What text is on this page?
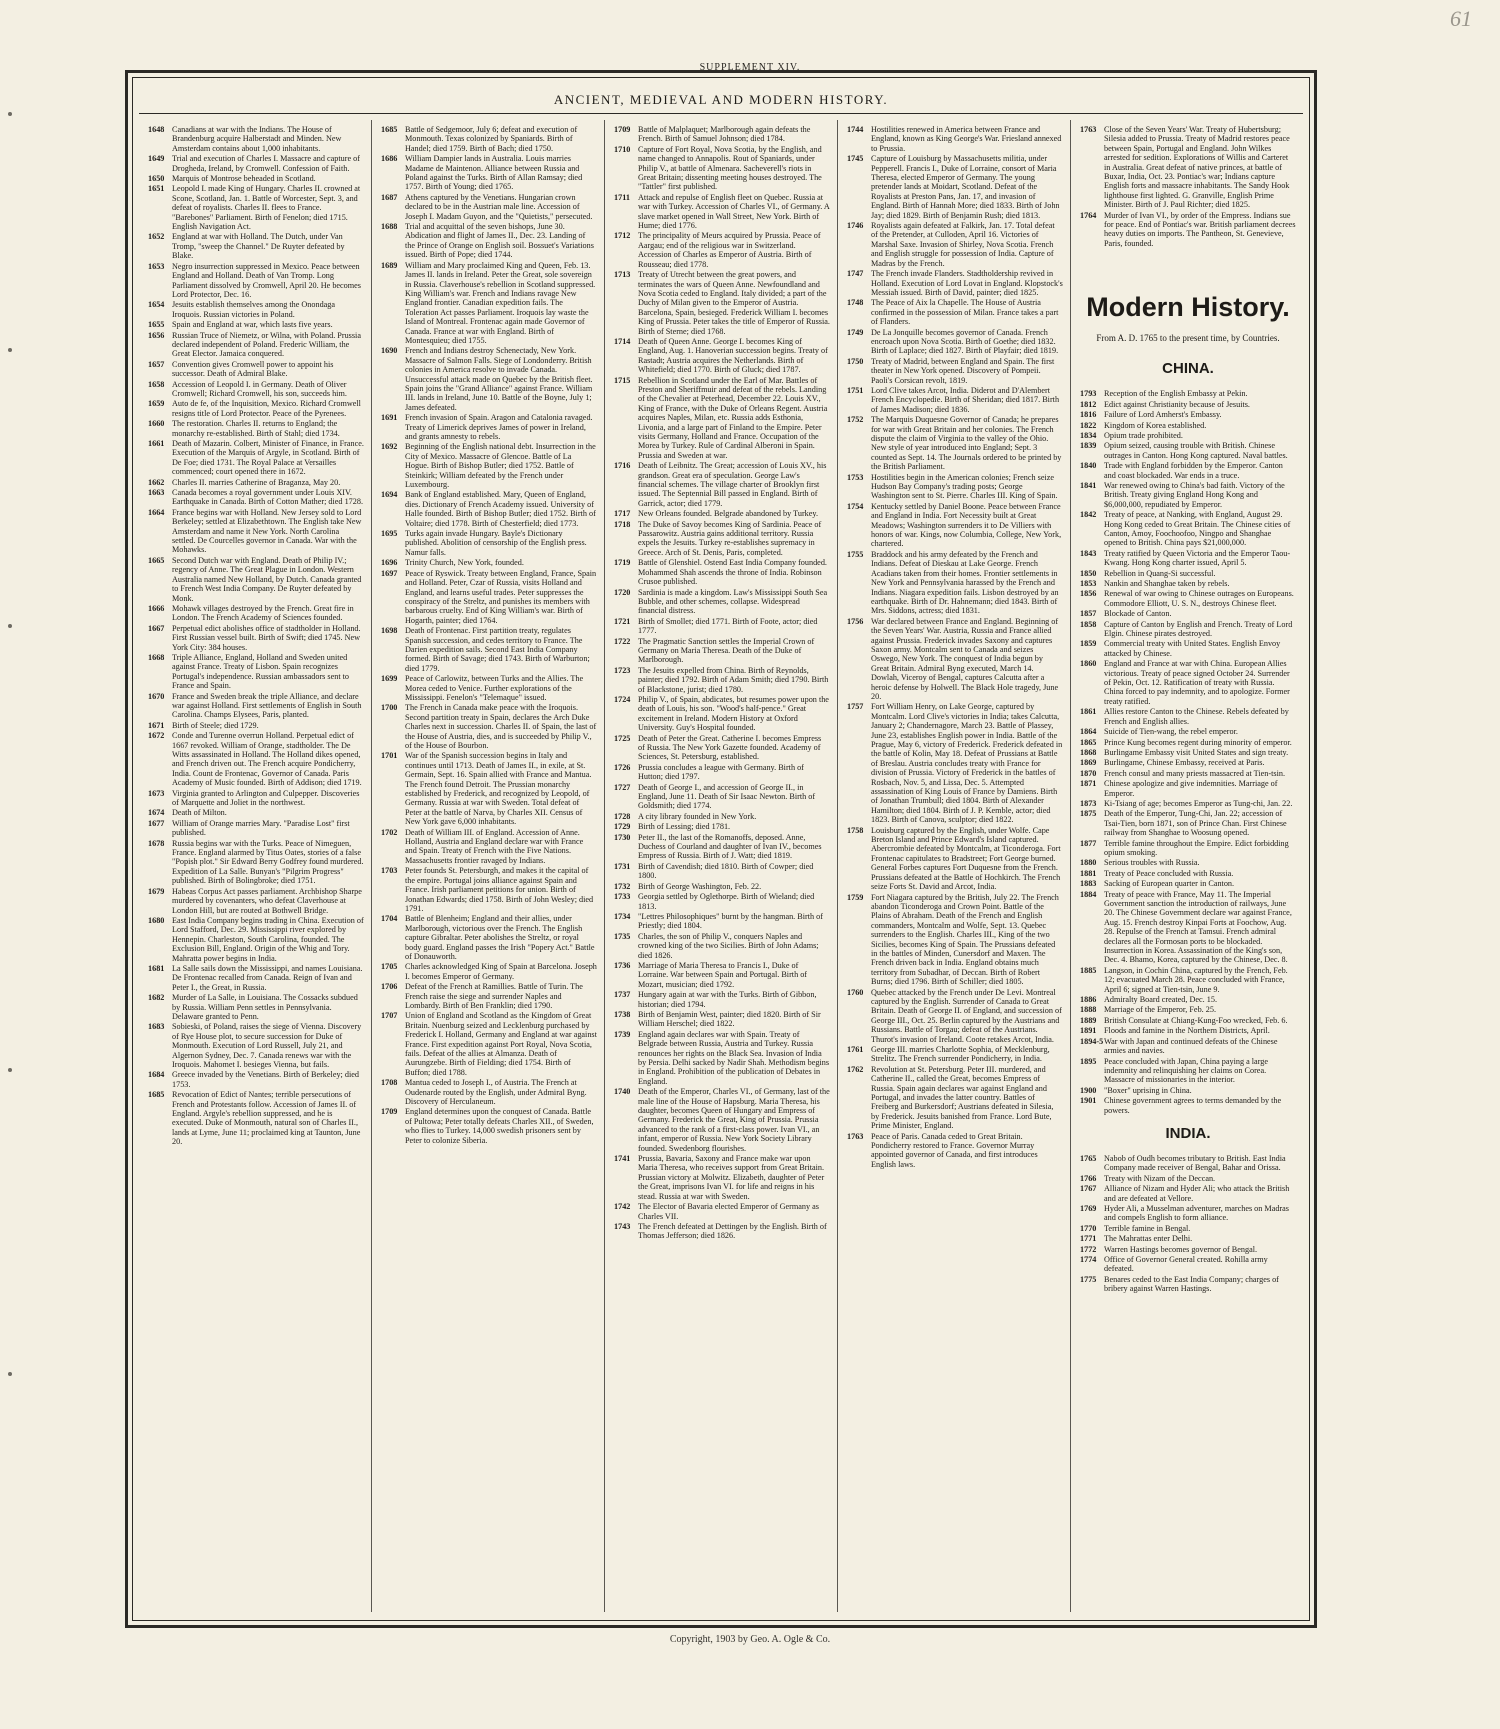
61
SUPPLEMENT XIV.
ANCIENT, MEDIEVAL AND MODERN HISTORY.
1648 Canadians at war with the Indians. The House of Brandenburg acquire Halberstadt and Minden. New Amsterdam contains about 1,000 inhabitants.
1649 Trial and execution of Charles I. Massacre and capture of Drogheda, Ireland, by Cromwell. Confession of Faith.
1650 Marquis of Montrose beheaded in Scotland.
1651 Leopold I. made King of Hungary. Charles II. crowned at Scone, Scotland, Jan. 1. Battle of Worcester, Sept. 3, and defeat of royalists. Charles II. flees to France. "Barebones" Parliament. Birth of Fenelon; died 1715. English Navigation Act.
1652 England at war with Holland. The Dutch, under Van Tromp, "sweep the Channel." De Ruyter defeated by Blake.
1653 Negro insurrection suppressed in Mexico. Peace between England and Holland. Death of Van Tromp. Long Parliament dissolved by Cromwell, April 20. He becomes Lord Protector, Dec. 16.
1654 Jesuits establish themselves among the Onondaga Iroquois. Russian victories in Poland.
1655 Spain and England at war, which lasts five years.
1656 Russian Truce of Niemetz, or Wilna, with Poland. Prussia declared independent of Poland. Frederic William, the Great Elector. Jamaica conquered.
1657 Convention gives Cromwell power to appoint his successor. Death of Admiral Blake.
1658 Accession of Leopold I. in Germany. Death of Oliver Cromwell; Richard Cromwell, his son, succeeds him.
1659 Auto de fe, of the Inquisition, Mexico. Richard Cromwell resigns title of Lord Protector. Peace of the Pyrenees.
1660 The restoration. Charles II. returns to England; the monarchy re-established. Birth of Stahl; died 1734.
1661 Death of Mazarin. Colbert, Minister of Finance, in France. Execution of the Marquis of Argyle, in Scotland. Birth of De Foe; died 1731. The Royal Palace at Versailles commenced; court opened there in 1672.
1662 Charles II. marries Catherine of Braganza, May 20.
1663 Canada becomes a royal government under Louis XIV. Earthquake in Canada. Birth of Cotton Mather; died 1728.
1664 France begins war with Holland. New Jersey sold to Lord Berkeley; settled at Elizabethtown. The English take New Amsterdam and name it New York. North Carolina settled. De Courcelles governor in Canada. War with the Mohawks.
1665 Second Dutch war with England. Death of Philip IV.; regency of Anne. The Great Plague in London. Western Australia named New Holland, by Dutch. Canada granted to French West India Company. De Ruyter defeated by Monk.
1666 Mohawk villages destroyed by the French. Great fire in London. The French Academy of Sciences founded.
1667 Perpetual edict abolishes office of stadtholder in Holland. First Russian vessel built. Birth of Swift; died 1745. New York City: 384 houses.
1668 Triple Alliance, England, Holland and Sweden united against France. Treaty of Lisbon. Spain recognizes Portugal's independence. Russian ambassadors sent to France and Spain.
1670 France and Sweden break the triple Alliance, and declare war against Holland. First settlements of English in South Carolina. Champs Elysees, Paris, planted.
1671 Birth of Steele; died 1729.
1672 Conde and Turenne overrun Holland. Perpetual edict of 1667 revoked. William of Orange, stadtholder. The De Witts assassinated in Holland. The Holland dikes opened, and French driven out. The French acquire Pondicherry, India. Count de Frontenac, Governor of Canada. Paris Academy of Music founded. Birth of Addison; died 1719.
1673 Virginia granted to Arlington and Culpepper. Discoveries of Marquette and Joliet in the northwest.
1674 Death of Milton.
1677 William of Orange marries Mary. "Paradise Lost" first published.
1678 Russia begins war with the Turks. Peace of Nimeguen, France. England alarmed by Titus Oates, stories of a false "Popish plot." Sir Edward Berry Godfrey found murdered. Expedition of La Salle. Bunyan's "Pilgrim Progress" published. Birth of Bolingbroke; died 1751.
1679 Habeas Corpus Act passes parliament. Archbishop Sharpe murdered by covenanters, who defeat Claverhouse at London Hill, but are routed at Bothwell Bridge.
1680 East India Company begins trading in China. Execution of Lord Stafford, Dec. 29. Mississippi river explored by Hennepin. Charleston, South Carolina, founded. The Exclusion Bill, England. Origin of the Whig and Tory. Mahratta power begins in India.
1681 La Salle sails down the Mississippi, and names Louisiana. De Frontenac recalled from Canada. Reign of Ivan and Peter I., the Great, in Russia.
1682 Murder of La Salle, in Louisiana. The Cossacks subdued by Russia. William Penn settles in Pennsylvania. Delaware granted to Penn.
1683 Sobieski, of Poland, raises the siege of Vienna. Discovery of Rye House plot, to secure succession for Duke of Monmouth. Execution of Lord Russell, July 21, and Algernon Sydney, Dec. 7. Canada renews war with the Iroquois. Mahomet I. besieges Vienna, but fails.
1684 Greece invaded by the Venetians. Birth of Berkeley; died 1753.
1685 Revocation of Edict of Nantes; terrible persecutions of French and Protestants follow. Accession of James II. of England. Argyle's rebellion suppressed, and he is executed. Duke of Monmouth, natural son of Charles II., lands at Lyme, June 11; proclaimed king at Taunton, June 20.
1685 Battle of Sedgemoor, July 6; defeat and execution of Monmouth. Texas colonized by Spaniards. Birth of Handel; died 1759. Birth of Bach; died 1750.
1686 William Dampier lands in Australia. Louis marries Madame de Maintenon. Alliance between Russia and Poland against the Turks. Birth of Allan Ramsay; died 1757. Birth of Young; died 1765.
1687 Athens captured by the Venetians. Hungarian crown declared to be in the Austrian male line. Accession of Joseph I. Madam Guyon, and the "Quietists," persecuted.
1688 Trial and acquittal of the seven bishops, June 30. Abdication and flight of James II., Dec. 23. Landing of the Prince of Orange on English soil. Bossuet's Variations issued. Birth of Pope; died 1744.
1689 William and Mary proclaimed King and Queen, Feb. 13. James II. lands in Ireland. Peter the Great, sole sovereign in Russia. Claverhouse's rebellion in Scotland suppressed. King William's war. French and Indians ravage New England frontier. Canadian expedition fails. The Toleration Act passes Parliament. Iroquois lay waste the Island of Montreal. Frontenac again made Governor of Canada. France at war with England. Birth of Montesquieu; died 1755.
1690 French and Indians destroy Schenectady, New York. Massacre of Salmon Falls. Siege of Londonderry. British colonies in America resolve to invade Canada. Unsuccessful attack made on Quebec by the British fleet. Spain joins the "Grand Alliance" against France. William III. lands in Ireland, June 10. Battle of the Boyne, July 1; James defeated.
1691 French invasion of Spain. Aragon and Catalonia ravaged. Treaty of Limerick deprives James of power in Ireland, and grants amnesty to rebels.
1692 Beginning of the English national debt. Insurrection in the City of Mexico. Massacre of Glencoe. Battle of La Hogue. Birth of Bishop Butler; died 1752. Battle of Steinkirk; William defeated by the French under Luxembourg.
1694 Bank of England established. Mary, Queen of England, dies. Dictionary of French Academy issued. University of Halle founded. Birth of Bishop Butler; died 1752. Birth of Voltaire; died 1778. Birth of Chesterfield; died 1773.
1695 Turks again invade Hungary. Bayle's Dictionary published. Abolition of censorship of the English press. Namur falls.
1696 Trinity Church, New York, founded.
1697 Peace of Ryswick. Treaty between England, France, Spain and Holland. Peter, Czar of Russia, visits Holland and England, and learns useful trades. Peter suppresses the conspiracy of the Streltz, and punishes its members with barbarous cruelty. End of King William's war. Birth of Hogarth, painter; died 1764.
1698 Death of Frontenac. First partition treaty, regulates Spanish succession, and cedes territory to France. The Darien expedition sails. Second East India Company formed. Birth of Savage; died 1743. Birth of Warburton; died 1779.
1699 Peace of Carlowitz, between Turks and the Allies. The Morea ceded to Venice. Further explorations of the Mississippi. Fenelon's "Telemaque" issued.
1700 The French in Canada make peace with the Iroquois. Second partition treaty in Spain, declares the Arch Duke Charles next in succession. Charles II. of Spain, the last of the House of Austria, dies, and is succeeded by Philip V., of the House of Bourbon.
1701 War of the Spanish succession begins in Italy and continues until 1713. Death of James II., in exile, at St. Germain, Sept. 16. Spain allied with France and Mantua. The French found Detroit. The Prussian monarchy established by Frederick, and recognized by Leopold, of Germany. Russia at war with Sweden. Total defeat of Peter at the battle of Narva, by Charles XII. Census of New York gave 6,000 inhabitants.
1702 Death of William III. of England. Accession of Anne. Holland, Austria and England declare war with France and Spain. Treaty of French with the Five Nations. Massachusetts frontier ravaged by Indians.
1703 Peter founds St. Petersburgh, and makes it the capital of the empire. Portugal joins alliance against Spain and France. Irish parliament petitions for union. Birth of Jonathan Edwards; died 1758. Birth of John Wesley; died 1791.
1704 Battle of Blenheim; England and their allies, under Marlborough, victorious over the French. The English capture Gibraltar. Peter abolishes the Streltz, or royal body guard. England passes the Irish "Popery Act." Battle of Donauworth.
1705 Charles acknowledged King of Spain at Barcelona. Joseph I. becomes Emperor of Germany.
1706 Defeat of the French at Ramillies. Battle of Turin. The French raise the siege and surrender Naples and Lombardy. Birth of Ben Franklin; died 1790.
1707 Union of England and Scotland as the Kingdom of Great Britain. Nuenburg seized and Lecklenburg purchased by Frederick I. Holland, Germany and England at war against France. First expedition against Port Royal, Nova Scotia, fails. Defeat of the allies at Almanza. Death of Aurungzebe. Birth of Fielding; died 1754. Birth of Buffon; died 1788.
1708 Mantua ceded to Joseph I., of Austria. The French at Oudenarde routed by the English, under Admiral Byng. Discovery of Herculaneum.
1709 England determines upon the conquest of Canada. Battle of Pultowa; Peter totally defeats Charles XII., of Sweden, who flies to Turkey. 14,000 swedish prisoners sent by Peter to colonize Siberia.
1709 Battle of Malplaquet; Marlborough again defeats the French. Birth of Samuel Johnson; died 1784.
1710 Capture of Fort Royal, Nova Scotia, by the English, and name changed to Annapolis. Rout of Spaniards, under Philip V., at battle of Almenara. Sacheverell's riots in Great Britain; dissenting meeting houses destroyed. The "Tattler" first published.
1711 Attack and repulse of English fleet on Quebec. Russia at war with Turkey. Accession of Charles VI., of Germany. A slave market opened in Wall Street, New York. Birth of Hume; died 1776.
1712 The principality of Meurs acquired by Prussia. Peace of Aargau; end of the religious war in Switzerland. Accession of Charles as Emperor of Austria. Birth of Rousseau; died 1778.
1713 Treaty of Utrecht between the great powers, and terminates the wars of Queen Anne. Newfoundland and Nova Scotia ceded to England. Italy divided; a part of the Duchy of Milan given to the Emperor of Austria. Barcelona, Spain, besieged. Frederick William I. becomes King of Prussia. Peter takes the title of Emperor of Russia. Birth of Sterne; died 1768.
1714 Death of Queen Anne. George I. becomes King of England, Aug. 1. Hanoverian succession begins. Treaty of Rastadt; Austria acquires the Netherlands. Birth of Whitefield; died 1770. Birth of Gluck; died 1787.
1715 Rebellion in Scotland under the Earl of Mar. Battles of Preston and Sheriffmuir and defeat of the rebels. Landing of the Chevalier at Peterhead, December 22. Louis XV., King of France, with the Duke of Orleans Regent. Austria acquires Naples, Milan, etc. Russia adds Esthonia, Livonia, and a large part of Finland to the Empire. Peter visits Germany, Holland and France. Occupation of the Morea by Turkey. Rule of Cardinal Alberoni in Spain. Prussia and Sweden at war.
1716 Death of Leibnitz. The Great; accession of Louis XV., his grandson. Great era of speculation. George Law's financial schemes. The village charter of Brooklyn first issued. The Septennial Bill passed in England. Birth of Garrick, actor; died 1779.
1717 New Orleans founded. Belgrade abandoned by Turkey.
1718 The Duke of Savoy becomes King of Sardinia. Peace of Passarowitz. Austria gains additional territory. Russia expels the Jesuits. Turkey re-establishes supremacy in Greece. Arch of St. Denis, Paris, completed.
1719 Battle of Glenshiel. Ostend East India Company founded. Mohammed Shah ascends the throne of India. Robinson Crusoe published.
1720 Sardinia is made a kingdom. Law's Mississippi South Sea Bubble, and other schemes, collapse. Widespread financial distress.
1721 Birth of Smollet; died 1771. Birth of Foote, actor; died 1777.
1722 The Pragmatic Sanction settles the Imperial Crown of Germany on Maria Theresa. Death of the Duke of Marlborough.
1723 The Jesuits expelled from China. Birth of Reynolds, painter; died 1792. Birth of Adam Smith; died 1790. Birth of Blackstone, jurist; died 1780.
1724 Philip V., of Spain, abdicates, but resumes power upon the death of Louis, his son. "Wood's half-pence." Great excitement in Ireland. Modern History at Oxford University. Guy's Hospital founded.
1725 Death of Peter the Great. Catherine I. becomes Empress of Russia. The New York Gazette founded. Academy of Sciences, St. Petersburg, established.
1726 Prussia concludes a league with Germany. Birth of Hutton; died 1797.
1727 Death of George I., and accession of George II., in England, June 11. Death of Sir Isaac Newton. Birth of Goldsmith; died 1774.
1728 A city library founded in New York.
1729 Birth of Lessing; died 1781.
1730 Peter II., the last of the Romanoffs, deposed. Anne, Duchess of Courland and daughter of Ivan IV., becomes Empress of Russia. Birth of J. Watt; died 1819.
1731 Birth of Cavendish; died 1810. Birth of Cowper; died 1800.
1732 Birth of George Washington, Feb. 22.
1733 Georgia settled by Oglethorpe. Birth of Wieland; died 1813.
1734 "Lettres Philosophiques" burnt by the hangman. Birth of Priestly; died 1804.
1735 Charles, the son of Philip V., conquers Naples and crowned king of the two Sicilies. Birth of John Adams; died 1826.
1736 Marriage of Maria Theresa to Francis I., Duke of Lorraine. War between Spain and Portugal. Birth of Mozart, musician; died 1792.
1737 Hungary again at war with the Turks. Birth of Gibbon, historian; died 1794.
1738 Birth of Benjamin West, painter; died 1820. Birth of Sir William Herschel; died 1822.
1739 England again declares war with Spain. Treaty of Belgrade between Russia, Austria and Turkey. Russia renounces her rights on the Black Sea. Invasion of India by Persia. Delhi sacked by Nadir Shah. Methodism begins in England. Prohibition of the publication of Debates in England.
1740 Death of the Emperor, Charles VI., of Germany, last of the male line of the House of Hapsburg. Maria Theresa, his daughter, becomes Queen of Hungary and Empress of Germany. Frederick the Great, King of Prussia. Prussia advanced to the rank of a first-class power. Ivan VI., an infant, emperor of Russia. New York Society Library founded. Swedenborg flourishes.
1741 Prussia, Bavaria, Saxony and France make war upon Maria Theresa, who receives support from Great Britain. Prussian victory at Molwitz. Elizabeth, daughter of Peter the Great, imprisons Ivan VI. for life and reigns in his stead. Russia at war with Sweden.
1742 The Elector of Bavaria elected Emperor of Germany as Charles VII.
1743 The French defeated at Dettingen by the English. Birth of Thomas Jefferson; died 1826.
1744 Hostilities renewed in America between France and England, known as King George's War. Friesland annexed to Prussia.
1745 Capture of Louisburg by Massachusetts militia, under Pepperell. Francis I., Duke of Lorraine, consort of Maria Theresa, elected Emperor of Germany. The young pretender lands at Moidart, Scotland. Defeat of the Royalists at Preston Pans, Jan. 17, and invasion of England. Birth of Hannah More; died 1833. Birth of John Jay; died 1829. Birth of Benjamin Rush; died 1813.
1746 Royalists again defeated at Falkirk, Jan. 17. Total defeat of the Pretender, at Culloden, April 16. Victories of Marshal Saxe. Invasion of Shirley, Nova Scotia. French and English struggle for possession of India. Capture of Madras by the French.
1747 The French invade Flanders. Stadtholdership revived in Holland. Execution of Lord Lovat in England. Klopstock's Messiah issued. Birth of David, painter; died 1825.
1748 The Peace of Aix la Chapelle. The House of Austria confirmed in the possession of Milan. France takes a part of Flanders.
1749 De La Jonquille becomes governor of Canada. French encroach upon Nova Scotia. Birth of Goethe; died 1832. Birth of Laplace; died 1827. Birth of Playfair; died 1819.
1750 Treaty of Madrid, between England and Spain. The first theater in New York opened. Discovery of Pompeii. Paoli's Corsican revolt, 1819.
1751 Lord Clive takes Arcot, India. Diderot and D'Alembert French Encyclopedie. Birth of Sheridan; died 1817. Birth of James Madison; died 1836.
1752 The Marquis Duquesne Governor of Canada; he prepares for war with Great Britain and her colonies. The French dispute the claim of Virginia to the valley of the Ohio. New style of year introduced into England; Sept. 3 counted as Sept. 14. The Journals ordered to be printed by the British Parliament.
1753 Hostilities begin in the American colonies; French seize Hudson Bay Company's trading posts; George Washington sent to St. Pierre. Charles III. King of Spain.
1754 Kentucky settled by Daniel Boone. Peace between France and England in India. Fort Necessity built at Great Meadows; Washington surrenders it to De Villiers with honors of war. Kings, now Columbia, College, New York, chartered.
1755 Braddock and his army defeated by the French and Indians. Defeat of Dieskau at Lake George. French Acadians taken from their homes. Frontier settlements in New York and Pennsylvania harassed by the French and Indians. Niagara expedition fails. Lisbon destroyed by an earthquake. Birth of Dr. Hahnemann; died 1843. Birth of Mrs. Siddons, actress; died 1831.
1756 War declared between France and England. Beginning of the Seven Years' War. Austria, Russia and France allied against Prussia. Frederick invades Saxony and captures Saxon army. Montcalm sent to Canada and seizes Oswego, New York. The conquest of India begun by Great Britain. Admiral Byng executed, March 14. Dowlah, Viceroy of Bengal, captures Calcutta after a heroic defense by Holwell. The Black Hole tragedy, June 20.
1757 Fort William Henry, on Lake George, captured by Montcalm. Lord Clive's victories in India; takes Calcutta, January 2; Chandernagore, March 23. Battle of Plassey, June 23, establishes English power in India. Battle of the Prague, May 6, victory of Frederick. Frederick defeated in the battle of Kolin, May 18. Defeat of Prussians at Battle of Breslau. Austria concludes treaty with France for division of Prussia. Victory of Frederick in the battles of Rosbach, Nov. 5, and Lissa, Dec. 5. Attempted assassination of King Louis of France by Damiens. Birth of Jonathan Trumbull; died 1804. Birth of Alexander Hamilton; died 1804. Birth of J. P. Kemble, actor; died 1823. Birth of Canova, sculptor; died 1822.
1758 Louisburg captured by the English, under Wolfe. Cape Breton Island and Prince Edward's Island captured. Abercrombie defeated by Montcalm, at Ticonderoga. Fort Frontenac capitulates to Bradstreet; Fort George burned. General Forbes captures Fort Duquesne from the French. Prussians defeated at the Battle of Hochkirch. The French seize Forts St. David and Arcot, India.
1759 Fort Niagara captured by the British, July 22. The French abandon Ticonderoga and Crown Point. Battle of the Plains of Abraham. Death of the French and English commanders, Montcalm and Wolfe, Sept. 13. Quebec surrenders to the English. Charles III., King of the two Sicilies, becomes King of Spain. The Prussians defeated in the battles of Minden, Cunersdorf and Maxen. The French driven back in India. England obtains much territory from Subadhar, of Deccan. Birth of Robert Burns; died 1796. Birth of Schiller; died 1805.
1760 Quebec attacked by the French under De Levi. Montreal captured by the English. Surrender of Canada to Great Britain. Death of George II. of England, and succession of George III., Oct. 25. Berlin captured by the Austrians and Russians. Battle of Torgau; defeat of the Austrians. Thurot's invasion of Ireland. Coote retakes Arcot, India.
1761 George III. marries Charlotte Sophia, of Mecklenburg, Strelitz. The French surrender Pondicherry, in India.
1762 Revolution at St. Petersburg. Peter III. murdered, and Catherine II., called the Great, becomes Empress of Russia. Spain again declares war against England and Portugal, and invades the latter country. Battles of Freiberg and Burkersdorf; Austrians defeated in Silesia, by Frederick. Jesuits banished from France. Lord Bute, Prime Minister, England.
1763 Peace of Paris. Canada ceded to Great Britain. Pondicherry restored to France. Governor Murray appointed governor of Canada, and first introduces English laws.
1763 Close of the Seven Years' War. Treaty of Hubertsburg; Silesia added to Prussia. Treaty of Madrid restores peace between Spain, Portugal and England. John Wilkes arrested for sedition. Explorations of Willis and Carteret in Australia. Great defeat of native princes, at battle of Buxar, India, Oct. 23. Pontiac's war; Indians capture English forts and massacre inhabitants. The Sandy Hook lighthouse first lighted. G. Granville, English Prime Minister. Birth of J. Paul Richter; died 1825.
1764 Murder of Ivan VI., by order of the Empress. Indians sue for peace. End of Pontiac's war. British parliament decrees heavy duties on imports. The Pantheon, St. Genevieve, Paris, founded.
Modern History.
From A. D. 1765 to the present time, by Countries.
CHINA.
1793 Reception of the English Embassy at Pekin.
1812 Edict against Christianity because of Jesuits.
1816 Failure of Lord Amherst's Embassy.
1822 Kingdom of Korea established.
1834 Opium trade prohibited.
1839 Opium seized, causing trouble with British. Chinese outrages in Canton. Hong Kong captured. Naval battles.
1840 Trade with England forbidden by the Emperor. Canton and coast blockaded. War ends in a truce.
1841 War renewed owing to China's bad faith. Victory of the British. Treaty giving England Hong Kong and $6,000,000, repudiated by Emperor.
1842 Treaty of peace, at Nanking, with England, August 29. Hong Kong ceded to Great Britain. The Chinese cities of Canton, Amoy, Foochoofoo, Ningpo and Shanghae opened to British. China pays $21,000,000.
1843 Treaty ratified by Queen Victoria and the Emperor Taou-Kwang. Hong Kong charter issued, April 5.
1850 Rebellion in Quang-Si successful.
1853 Nankin and Shanghae taken by rebels.
1856 Renewal of war owing to Chinese outrages on Europeans. Commodore Elliott, U. S. N., destroys Chinese fleet.
1857 Blockade of Canton.
1858 Capture of Canton by English and French. Treaty of Lord Elgin. Chinese pirates destroyed.
1859 Commercial treaty with United States. English Envoy attacked by Chinese.
1860 England and France at war with China. European Allies victorious. Treaty of peace signed October 24. Surrender of Pekin, Oct. 12. Ratification of treaty with Russia. China forced to pay indemnity, and to apologize. Former treaty ratified.
1861 Allies restore Canton to the Chinese. Rebels defeated by French and English allies.
1864 Suicide of Tien-wang, the rebel emperor.
1865 Prince Kung becomes regent during minority of emperor.
1868 Burlingame Embassy visit United States and sign treaty.
1869 Burlingame, Chinese Embassy, received at Paris.
1870 French consul and many priests massacred at Tien-tsin.
1871 Chinese apologize and give indemnities. Marriage of Emperor.
1873 Ki-Tsiang of age; becomes Emperor as Tung-chi, Jan. 22.
1875 Death of the Emperor, Tung-Chi, Jan. 22; accession of Tsai-Tien, born 1871, son of Prince Chan. First Chinese railway from Shanghae to Woosung opened.
1877 Terrible famine throughout the Empire. Edict forbidding opium smoking.
1880 Serious troubles with Russia.
1881 Treaty of Peace concluded with Russia.
1883 Sacking of European quarter in Canton.
1884 Treaty of peace with France, May 11. The Imperial Government sanction the introduction of railways, June 20. The Chinese Government declare war against France, Aug. 15. French destroy Kinpai Forts at Foochow, Aug. 28. Repulse of the French at Tamsui. French admiral declares all the Formosan ports to be blockaded. Insurrection in Korea. Assassination of the King's son, Dec. 4. Bhamo, Korea, captured by the Chinese, Dec. 8.
1885 Langson, in Cochin China, captured by the French, Feb. 12; evacuated March 28. Peace concluded with France, April 6; signed at Tien-tsin, June 9.
1886 Admiralty Board created, Dec. 15.
1888 Marriage of the Emperor, Feb. 25.
1889 British Consulate at Chiang-Kung-Foo wrecked, Feb. 6.
1891 Floods and famine in the Northern Districts, April.
1894-5 War with Japan and continued defeats of the Chinese armies and navies.
1895 Peace concluded with Japan, China paying a large indemnity and relinquishing her claims on Corea. Massacre of missionaries in the interior.
1900 "Boxer" uprising in China.
1901 Chinese government agrees to terms demanded by the powers.
INDIA.
1765 Nabob of Oudh becomes tributary to British. East India Company made receiver of Bengal, Bahar and Orissa.
1766 Treaty with Nizam of the Deccan.
1767 Alliance of Nizam and Hyder Ali; who attack the British and are defeated at Vellore.
1769 Hyder Ali, a Musselman adventurer, marches on Madras and compels English to form alliance.
1770 Terrible famine in Bengal.
1771 The Mahrattas enter Delhi.
1772 Warren Hastings becomes governor of Bengal.
1774 Office of Governor General created. Rohilla army defeated.
1775 Benares ceded to the East India Company; charges of bribery against Warren Hastings.
Copyright, 1903 by Geo. A. Ogle & Co.
